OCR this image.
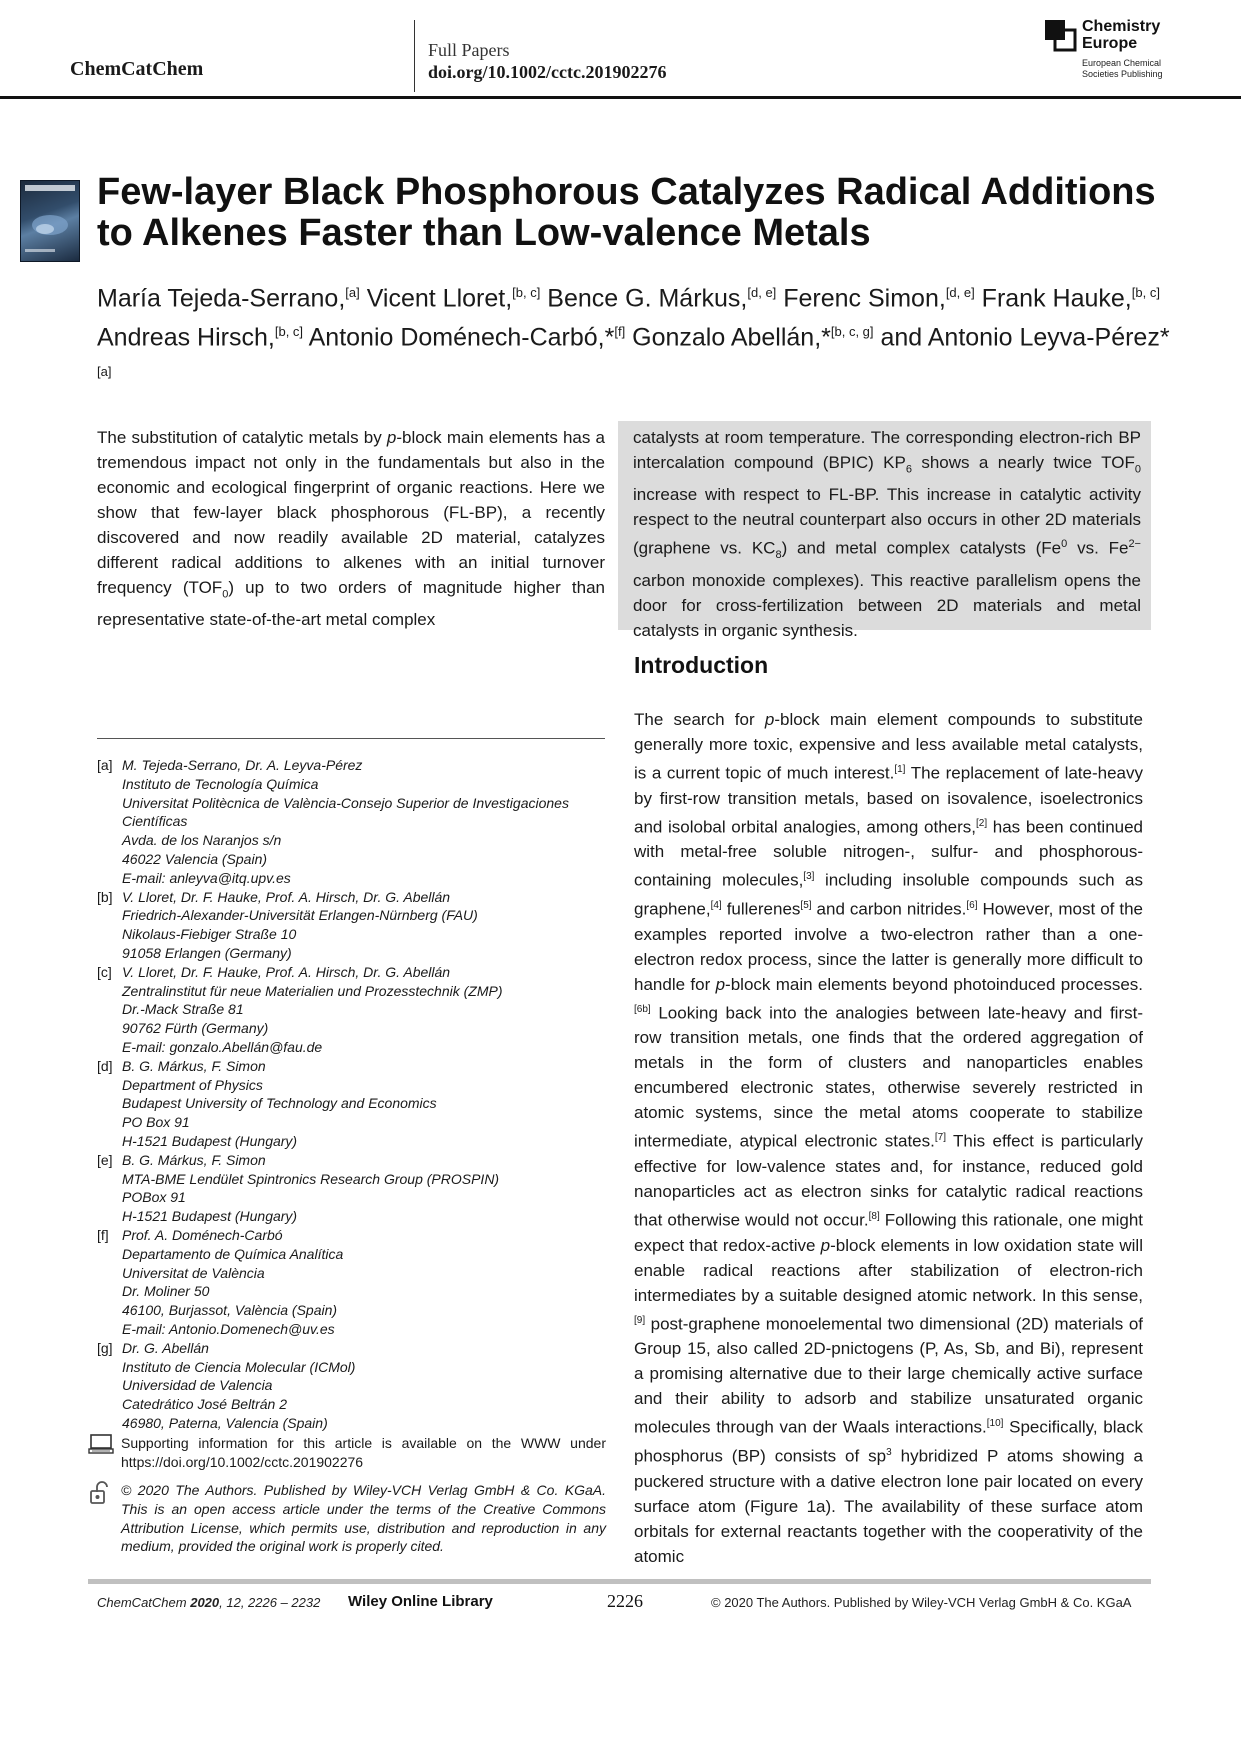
ChemCatChem
Full Papers
doi.org/10.1002/cctc.201902276
Chemistry
Europe
European Chemical
Societies Publishing
Few-layer Black Phosphorous Catalyzes Radical Additions to Alkenes Faster than Low-valence Metals
María Tejeda-Serrano,[a] Vicent Lloret,[b, c] Bence G. Márkus,[d, e] Ferenc Simon,[d, e] Frank Hauke,[b, c] Andreas Hirsch,[b, c] Antonio Doménech-Carbó,*[f] Gonzalo Abellán,*[b, c, g] and Antonio Leyva-Pérez*[a]
The substitution of catalytic metals by p-block main elements has a tremendous impact not only in the fundamentals but also in the economic and ecological fingerprint of organic reactions. Here we show that few-layer black phosphorous (FL-BP), a recently discovered and now readily available 2D material, catalyzes different radical additions to alkenes with an initial turnover frequency $(TOF_0)$ up to two orders of magnitude higher than representative state-of-the-art metal complex
catalysts at room temperature. The corresponding electron-rich BP intercalation compound (BPIC) $KP_6$ shows a nearly twice $TOF_0$ increase with respect to FL-BP. This increase in catalytic activity respect to the neutral counterpart also occurs in other 2D materials (graphene vs. $KC_8$) and metal complex catalysts (Fe$^0$ vs. $Fe^{2-}$ carbon monoxide complexes). This reactive parallelism opens the door for cross-fertilization between 2D materials and metal catalysts in organic synthesis.
Introduction
The search for p-block main element compounds to substitute generally more toxic, expensive and less available metal catalysts, is a current topic of much interest.[1] The replacement of late-heavy by first-row transition metals, based on isovalence, isoelectronics and isolobal orbital analogies, among others,[2] has been continued with metal-free soluble nitrogen-, sulfur- and phosphorous-containing molecules,[3] including insoluble compounds such as graphene,[4] fullerenes[5] and carbon nitrides.[6] However, most of the examples reported involve a two-electron rather than a one-electron redox process, since the latter is generally more difficult to handle for p-block main elements beyond photoinduced processes.[6b] Looking back into the analogies between late-heavy and first-row transition metals, one finds that the ordered aggregation of metals in the form of clusters and nanoparticles enables encumbered electronic states, otherwise severely restricted in atomic systems, since the metal atoms cooperate to stabilize intermediate, atypical electronic states.[7] This effect is particularly effective for low-valence states and, for instance, reduced gold nanoparticles act as electron sinks for catalytic radical reactions that otherwise would not occur.[8] Following this rationale, one might expect that redox-active p-block elements in low oxidation state will enable radical reactions after stabilization of electron-rich intermediates by a suitable designed atomic network. In this sense,[9] post-graphene monoelemental two dimensional (2D) materials of Group 15, also called 2D-pnictogens (P, As, Sb, and Bi), represent a promising alternative due to their large chemically active surface and their ability to adsorb and stabilize unsaturated organic molecules through van der Waals interactions.[10] Specifically, black phosphorus (BP) consists of $sp^3$ hybridized P atoms showing a puckered structure with a dative electron lone pair located on every surface atom (Figure 1a). The availability of these surface atom orbitals for external reactants together with the cooperativity of the atomic
[a] M. Tejeda-Serrano, Dr. A. Leyva-Pérez
Instituto de Tecnología Química
Universitat Politècnica de València-Consejo Superior de Investigaciones Científicas
Avda. de los Naranjos s/n
46022 Valencia (Spain)
E-mail: anleyva@itq.upv.es
[b] V. Lloret, Dr. F. Hauke, Prof. A. Hirsch, Dr. G. Abellán
Friedrich-Alexander-Universität Erlangen-Nürnberg (FAU)
Nikolaus-Fiebiger Straße 10
91058 Erlangen (Germany)
[c] V. Lloret, Dr. F. Hauke, Prof. A. Hirsch, Dr. G. Abellán
Zentralinstitut für neue Materialien und Prozesstechnik (ZMP)
Dr.-Mack Straße 81
90762 Fürth (Germany)
E-mail: gonzalo.Abellán@fau.de
[d] B. G. Márkus, F. Simon
Department of Physics
Budapest University of Technology and Economics
PO Box 91
H-1521 Budapest (Hungary)
[e] B. G. Márkus, F. Simon
MTA-BME Lendület Spintronics Research Group (PROSPIN)
POBox 91
H-1521 Budapest (Hungary)
[f] Prof. A. Doménech-Carbó
Departamento de Química Analítica
Universitat de València
Dr. Moliner 50
46100, Burjassot, València (Spain)
E-mail: Antonio.Domenech@uv.es
[g] Dr. G. Abellán
Instituto de Ciencia Molecular (ICMol)
Universidad de Valencia
Catedrático José Beltrán 2
46980, Paterna, Valencia (Spain)
Supporting information for this article is available on the WWW under https://doi.org/10.1002/cctc.201902276
© 2020 The Authors. Published by Wiley-VCH Verlag GmbH & Co. KGaA. This is an open access article under the terms of the Creative Commons Attribution License, which permits use, distribution and reproduction in any medium, provided the original work is properly cited.
ChemCatChem 2020, 12, 2226 – 2232 Wiley Online Library	2226	© 2020 The Authors. Published by Wiley-VCH Verlag GmbH & Co. KGaA
